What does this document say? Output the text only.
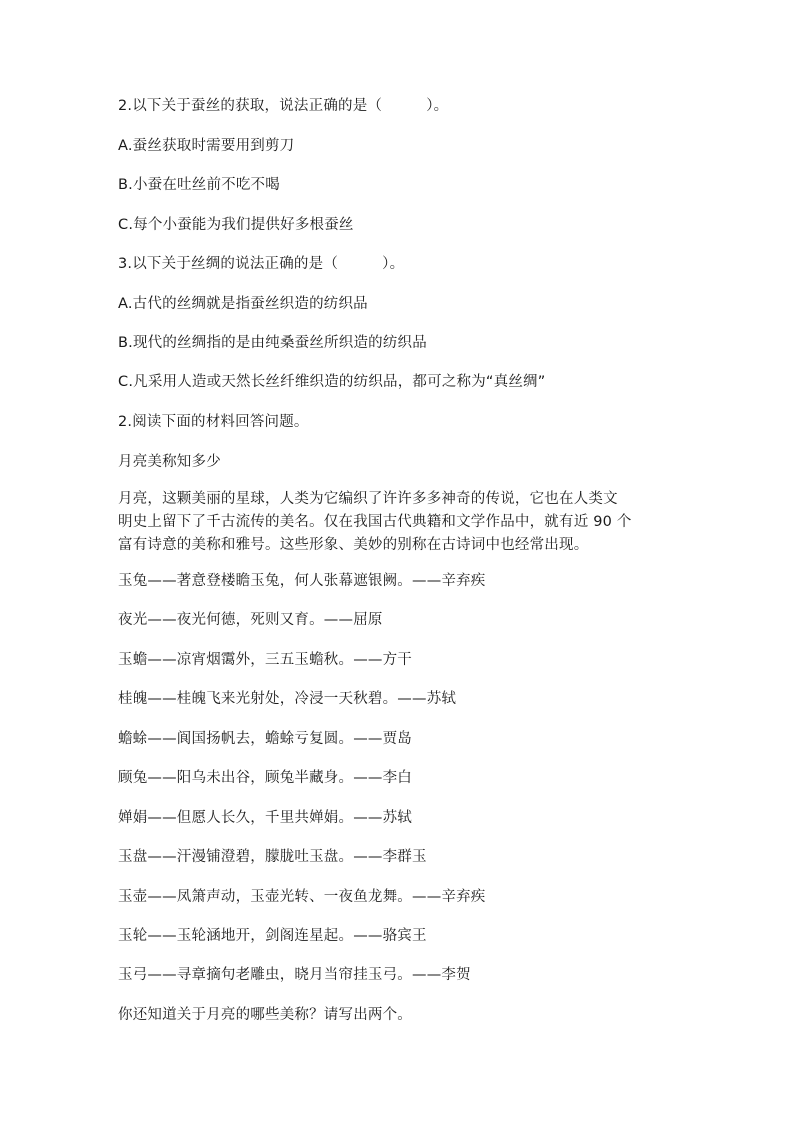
2.以下关于蚕丝的获取，说法正确的是（　　　）。
A.蚕丝获取时需要用到剪刀
B.小蚕在吐丝前不吃不喝
C.每个小蚕能为我们提供好多根蚕丝
3.以下关于丝绸的说法正确的是（　　　）。
A.古代的丝绸就是指蚕丝织造的纺织品
B.现代的丝绸指的是由纯桑蚕丝所织造的纺织品
C.凡采用人造或天然长丝纤维织造的纺织品，都可之称为“真丝绸”
2.阅读下面的材料回答问题。
月亮美称知多少
月亮，这颗美丽的星球，人类为它编织了许许多多神奇的传说，它也在人类文
明史上留下了千古流传的美名。仅在我国古代典籍和文学作品中，就有近 90 个
富有诗意的美称和雅号。这些形象、美妙的别称在古诗词中也经常出现。
玉兔——著意登楼瞻玉兔，何人张幕遮银阙。——辛弃疾
夜光——夜光何德，死则又育。——屈原
玉蟾——凉宵烟霭外，三五玉蟾秋。——方干
桂魄——桂魄飞来光射处，冷浸一天秋碧。——苏轼
蟾蜍——阆国扬帆去，蟾蜍亏复圆。——贾岛
顾兔——阳乌未出谷，顾兔半藏身。——李白
婵娟——但愿人长久，千里共婵娟。——苏轼
玉盘——汗漫铺澄碧，朦胧吐玉盘。——李群玉
玉壶——凤箫声动，玉壶光转、一夜鱼龙舞。——辛弃疾
玉轮——玉轮涵地开，剑阁连星起。——骆宾王
玉弓——寻章摘句老雕虫，晓月当帘挂玉弓。——李贺
你还知道关于月亮的哪些美称？请写出两个。
